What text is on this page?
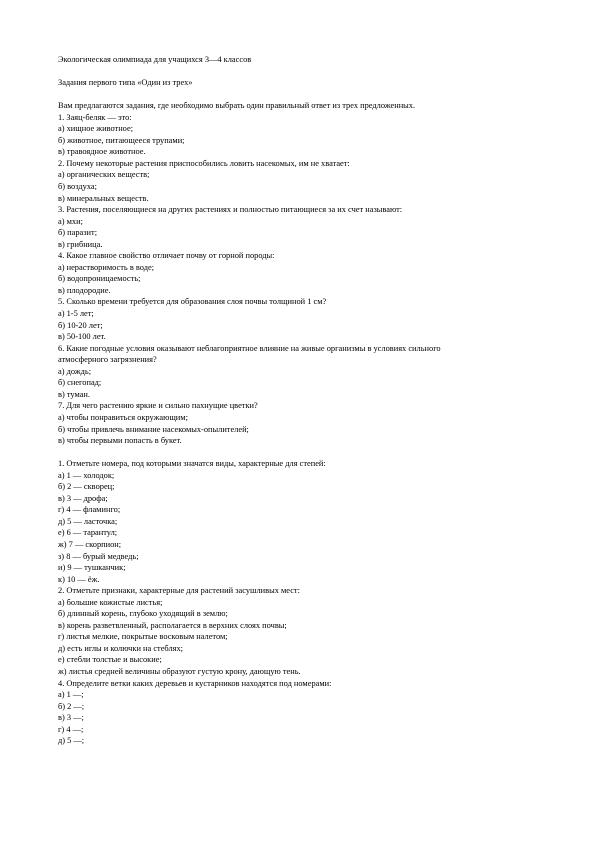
Экологическая олимпиада для учащихся 3—4 классов
Задания первого типа «Один из трех»
Вам предлагаются задания, где необходимо выбрать один правильный ответ из трех предложенных.
1. Заяц-беляк — это:
а) хищное животное;
б) животное, питающееся трупами;
в) травоядное животное.
2. Почему некоторые растения приспособились ловить насекомых, им не хватает:
а) органических веществ;
б) воздуха;
в) минеральных веществ.
3. Растения, поселяющиеся на других растениях и полностью питающиеся за их счет называют:
а) мхи;
б) паразит;
в) грибница.
4. Какое главное свойство отличает почву от горной породы:
а) нерастворимость в воде;
б) водопроницаемость;
в) плодородие.
5. Сколько времени требуется для образования слоя почвы толщиной 1 см?
а) 1-5 лет;
б) 10-20 лет;
в) 50-100 лет.
6. Какие погодные условия оказывают неблагоприятное влияние на живые организмы в условиях сильного
атмосферного загрязнения?
а) дождь;
б) снегопад;
в) туман.
7. Для чего растению яркие и сильно пахнущие цветки?
а) чтобы понравиться окружающим;
б) чтобы привлечь внимание насекомых-опылителей;
в) чтобы первыми попасть в букет.
1. Отметьте номера, под которыми значатся виды, характерные для степей:
а) 1 — холодок;
б) 2 — скворец;
в) 3 — дрофа;
г) 4 — фламинго;
д) 5 — ласточка;
е) 6 — тарантул;
ж) 7 — скорпион;
з) 8 — бурый медведь;
и) 9 — тушканчик;
к) 10 — ёж.
2. Отметьте признаки, характерные для растений засушливых мест:
а) большие кожистые листья;
б) длинный корень, глубоко уходящий в землю;
в) корень разветвленный, располагается в верхних слоях почвы;
г) листья мелкие, покрытые восковым налетом;
д) есть иглы и колючки на стеблях;
е) стебли толстые и высокие;
ж) листья средней величины образуют густую крону, дающую тень.
4. Определите ветки каких деревьев и кустарников находятся под номерами:
а) 1 —;
б) 2 —;
в) 3 —;
г) 4 —;
д) 5 —;
